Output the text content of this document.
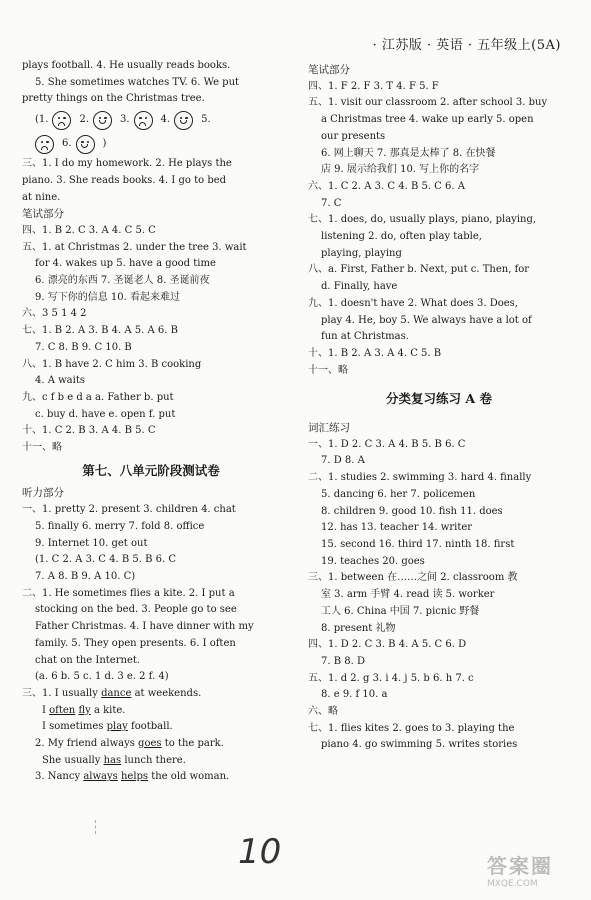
· 江苏版 · 英语 · 五年级上(5A)
plays football. 4. He usually reads books.
5. She sometimes watches TV. 6. We put
pretty things on the Christmas tree.
(1.	2.	3.	4.	5.
6.	)
三、1. I do my homework. 2. He plays the
piano. 3. She reads books. 4. I go to bed
at nine.
笔试部分
四、1. B 2. C 3. A 4. C 5. C
五、1. at Christmas 2. under the tree 3. wait
for 4. wakes up 5. have a good time
6. 漂亮的东西 7. 圣诞老人 8. 圣诞前夜
9. 写下你的信息 10. 看起来难过
六、3 5 1 4 2
七、1. B 2. A 3. B 4. A 5. A 6. B
7. C 8. B 9. C 10. B
八、1. B have 2. C him 3. B cooking
4. A waits
九、c f b e d a a. Father b. put
c. buy d. have e. open f. put
十、1. C 2. B 3. A 4. B 5. C
十一、略
第七、八单元阶段测试卷
听力部分
一、1. pretty 2. present 3. children 4. chat
5. finally 6. merry 7. fold 8. office
9. Internet 10. get out
(1. C 2. A 3. C 4. B 5. B 6. C
7. A 8. B 9. A 10. C)
二、1. He sometimes flies a kite. 2. I put a
stocking on the bed. 3. People go to see
Father Christmas. 4. I have dinner with my
family. 5. They open presents. 6. I often
chat on the Internet.
(a. 6 b. 5 c. 1 d. 3 e. 2 f. 4)
三、1. I usually dance at weekends.
I often fly a kite.
I sometimes play football.
2. My friend always goes to the park.
She usually has lunch there.
3. Nancy always helps the old woman.
笔试部分
四、1. F 2. F 3. T 4. F 5. F
五、1. visit our classroom 2. after school 3. buy
a Christmas tree 4. wake up early 5. open
our presents
6. 网上聊天 7. 那真是太棒了 8. 在快餐
店 9. 展示给我们 10. 写上你的名字
六、1. C 2. A 3. C 4. B 5. C 6. A
7. C
七、1. does, do, usually plays, piano, playing,
listening 2. do, often play table,
playing, playing
八、a. First, Father b. Next, put c. Then, for
d. Finally, have
九、1. doesn't have 2. What does 3. Does,
play 4. He, boy 5. We always have a lot of
fun at Christmas.
十、1. B 2. A 3. A 4. C 5. B
十一、略
分类复习练习 A 卷
词汇练习
一、1. D 2. C 3. A 4. B 5. B 6. C
7. D 8. A
二、1. studies 2. swimming 3. hard 4. finally
5. dancing 6. her 7. policemen
8. children 9. good 10. fish 11. does
12. has 13. teacher 14. writer
15. second 16. third 17. ninth 18. first
19. teaches 20. goes
三、1. between 在……之间 2. classroom 教
室 3. arm 手臂 4. read 读 5. worker
工人 6. China 中国 7. picnic 野餐
8. present 礼物
四、1. D 2. C 3. B 4. A 5. C 6. D
7. B 8. D
五、1. d 2. g 3. i 4. j 5. b 6. h 7. c
8. e 9. f 10. a
六、略
七、1. flies kites 2. goes to 3. playing the
piano 4. go swimming 5. writes stories
10	答案圈
MXQE.COM
